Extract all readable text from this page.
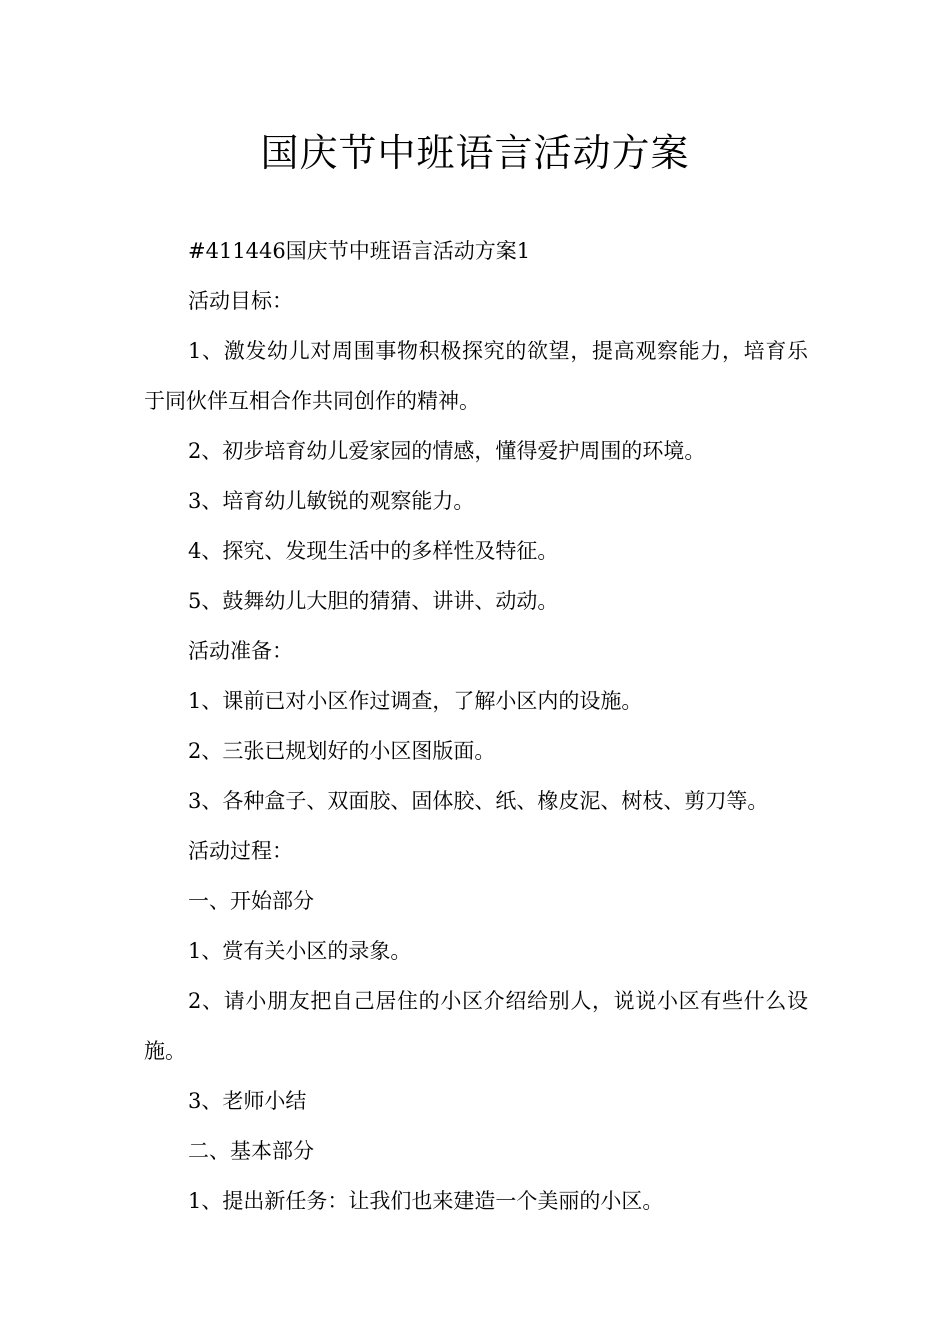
国庆节中班语言活动方案

#411446国庆节中班语言活动方案1

活动目标：

1、激发幼儿对周围事物积极探究的欲望，提高观察能力，培育乐于同伙伴互相合作共同创作的精神。

2、初步培育幼儿爱家园的情感，懂得爱护周围的环境。

3、培育幼儿敏锐的观察能力。

4、探究、发现生活中的多样性及特征。

5、鼓舞幼儿大胆的猜猜、讲讲、动动。

活动准备：

1、课前已对小区作过调查，了解小区内的设施。

2、三张已规划好的小区图版面。

3、各种盒子、双面胶、固体胶、纸、橡皮泥、树枝、剪刀等。

活动过程：

一、开始部分

1、赏有关小区的录象。

2、请小朋友把自己居住的小区介绍给别人，说说小区有些什么设施。

3、老师小结

二、基本部分

1、提出新任务：让我们也来建造一个美丽的小区。
